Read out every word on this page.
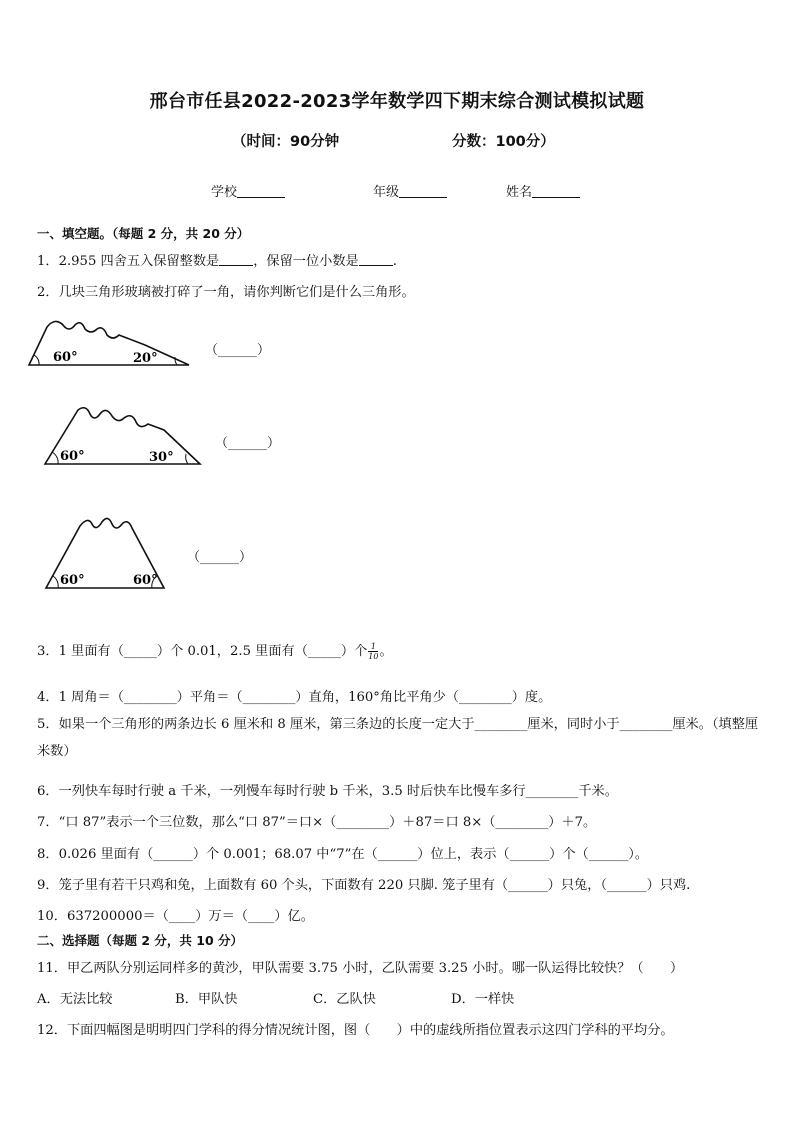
邢台市任县2022-2023学年数学四下期末综合测试模拟试题
（时间：90分钟	分数：100分）
学校	年级	姓名
一、填空题。（每题 2 分，共 20 分）
1．2.955 四舍五入保留整数是	，保留一位小数是	.
2．几块三角形玻璃被打碎了一角，请你判断它们是什么三角形。
60°	20°
（______）
60°	30°
（______）
60°	60°
（______）
3．1 里面有（_____）个 0.01，2.5 里面有（_____）个 $\frac{1}{10}$ 。
4．1 周角＝（________）平角＝（________）直角，160°角比平角少（________）度。
5．如果一个三角形的两条边长 6 厘米和 8 厘米，第三条边的长度一定大于________厘米，同时小于________厘米。（填整厘米数）
6．一列快车每时行驶 a 千米，一列慢车每时行驶 b 千米，3.5 时后快车比慢车多行________千米。
7．“口 87”表示一个三位数，那么“口 87”＝口×（________）＋87＝口 8×（________）＋7。
8．0.026 里面有（______）个 0.001；68.07 中“7”在（______）位上，表示（______）个（______）。
9．笼子里有若干只鸡和兔，上面数有 60 个头，下面数有 220 只脚. 笼子里有（______）只兔，（______）只鸡.
10．637200000＝（____）万＝（____）亿。
二、选择题（每题 2 分，共 10 分）
11．甲乙两队分别运同样多的黄沙，甲队需要 3.75 小时，乙队需要 3.25 小时。哪一队运得比较快？（　　）
A．无法比较	B．甲队快	C．乙队快	D．一样快
12．下面四幅图是明明四门学科的得分情况统计图，图（　　）中的虚线所指位置表示这四门学科的平均分。
